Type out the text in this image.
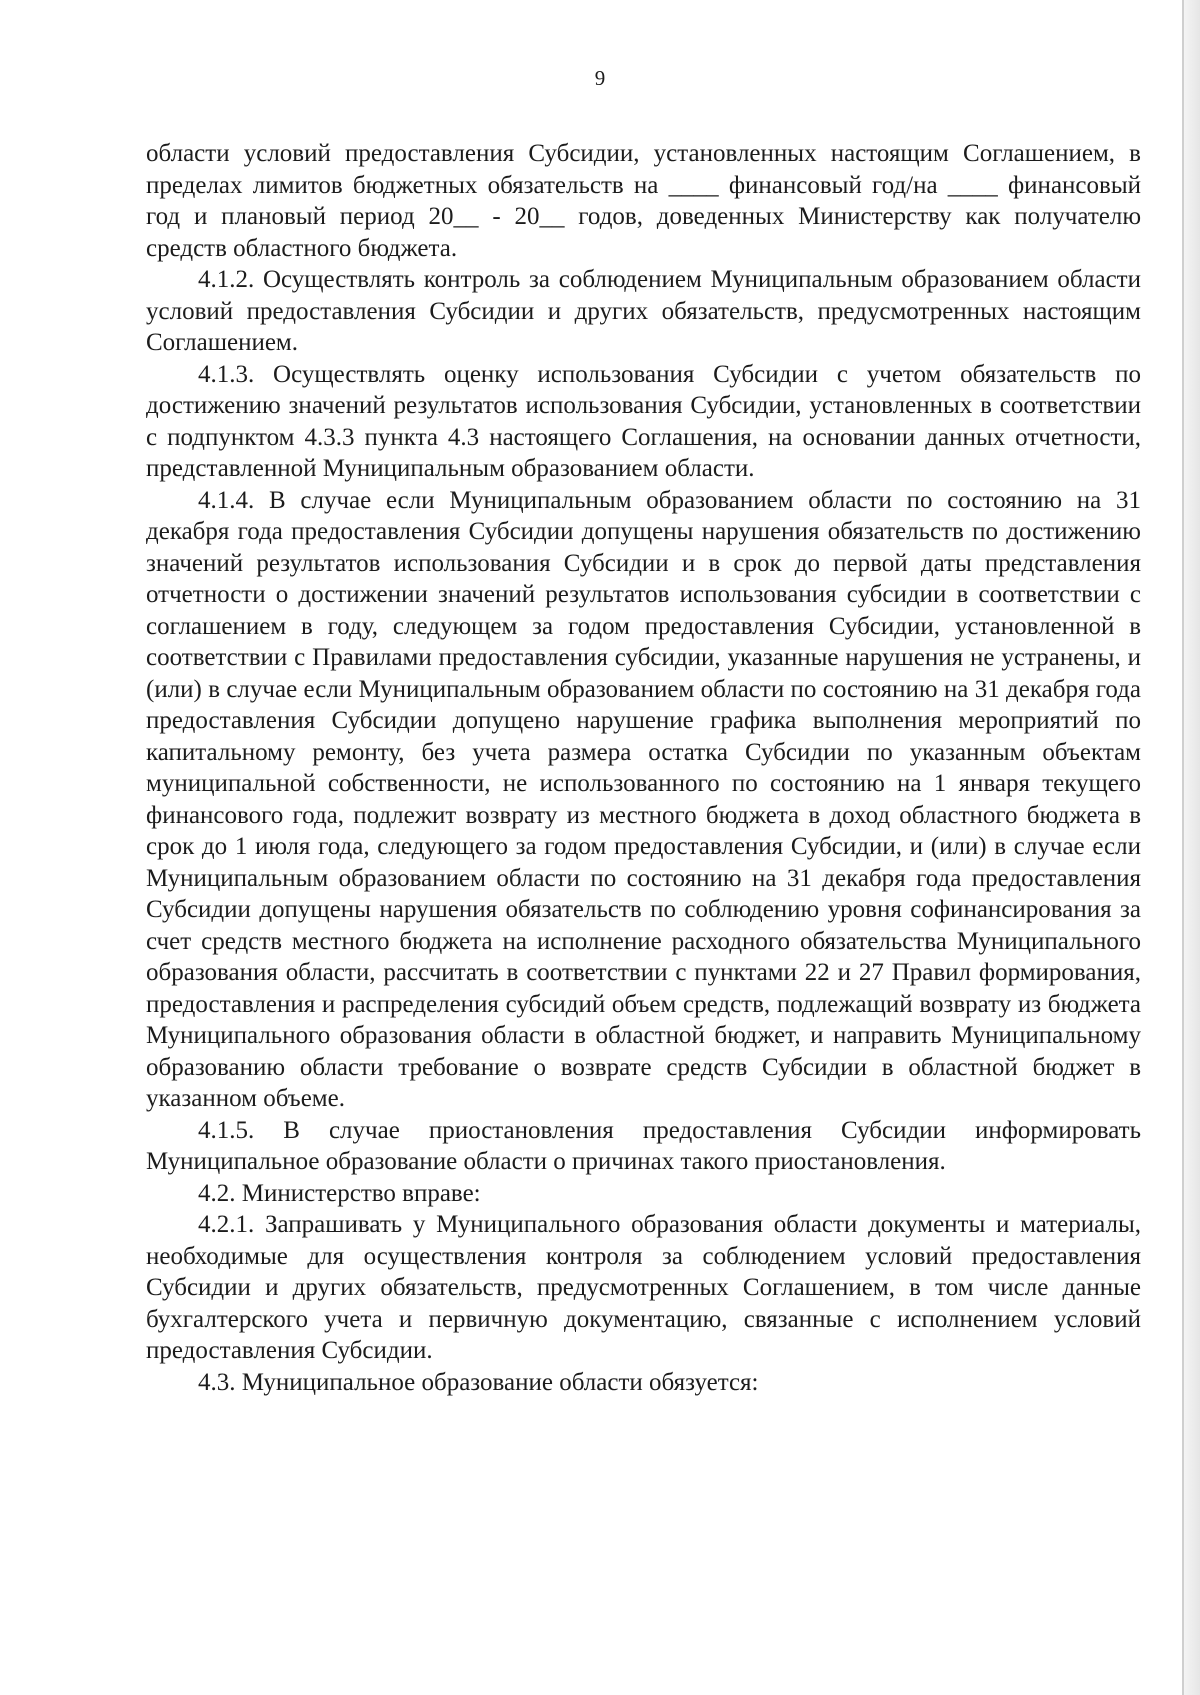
9

области условий предоставления Субсидии, установленных настоящим Соглашением, в пределах лимитов бюджетных обязательств на ____ финансовый год/на ____ финансовый год и плановый период 20__ - 20__ годов, доведенных Министерству как получателю средств областного бюджета.

4.1.2. Осуществлять контроль за соблюдением Муниципальным образованием области условий предоставления Субсидии и других обязательств, предусмотренных настоящим Соглашением.

4.1.3. Осуществлять оценку использования Субсидии с учетом обязательств по достижению значений результатов использования Субсидии, установленных в соответствии с подпунктом 4.3.3 пункта 4.3 настоящего Соглашения, на основании данных отчетности, представленной Муниципальным образованием области.

4.1.4. В случае если Муниципальным образованием области по состоянию на 31 декабря года предоставления Субсидии допущены нарушения обязательств по достижению значений результатов использования Субсидии и в срок до первой даты представления отчетности о достижении значений результатов использования субсидии в соответствии с соглашением в году, следующем за годом предоставления Субсидии, установленной в соответствии с Правилами предоставления субсидии, указанные нарушения не устранены, и (или) в случае если Муниципальным образованием области по состоянию на 31 декабря года предоставления Субсидии допущено нарушение графика выполнения мероприятий по капитальному ремонту, без учета размера остатка Субсидии по указанным объектам муниципальной собственности, не использованного по состоянию на 1 января текущего финансового года, подлежит возврату из местного бюджета в доход областного бюджета в срок до 1 июля года, следующего за годом предоставления Субсидии, и (или) в случае если Муниципальным образованием области по состоянию на 31 декабря года предоставления Субсидии допущены нарушения обязательств по соблюдению уровня софинансирования за счет средств местного бюджета на исполнение расходного обязательства Муниципального образования области, рассчитать в соответствии с пунктами 22 и 27 Правил формирования, предоставления и распределения субсидий объем средств, подлежащий возврату из бюджета Муниципального образования области в областной бюджет, и направить Муниципальному образованию области требование о возврате средств Субсидии в областной бюджет в указанном объеме.

4.1.5. В случае приостановления предоставления Субсидии информировать Муниципальное образование области о причинах такого приостановления.

4.2. Министерство вправе:

4.2.1. Запрашивать у Муниципального образования области документы и материалы, необходимые для осуществления контроля за соблюдением условий предоставления Субсидии и других обязательств, предусмотренных Соглашением, в том числе данные бухгалтерского учета и первичную документацию, связанные с исполнением условий предоставления Субсидии.

4.3. Муниципальное образование области обязуется:
